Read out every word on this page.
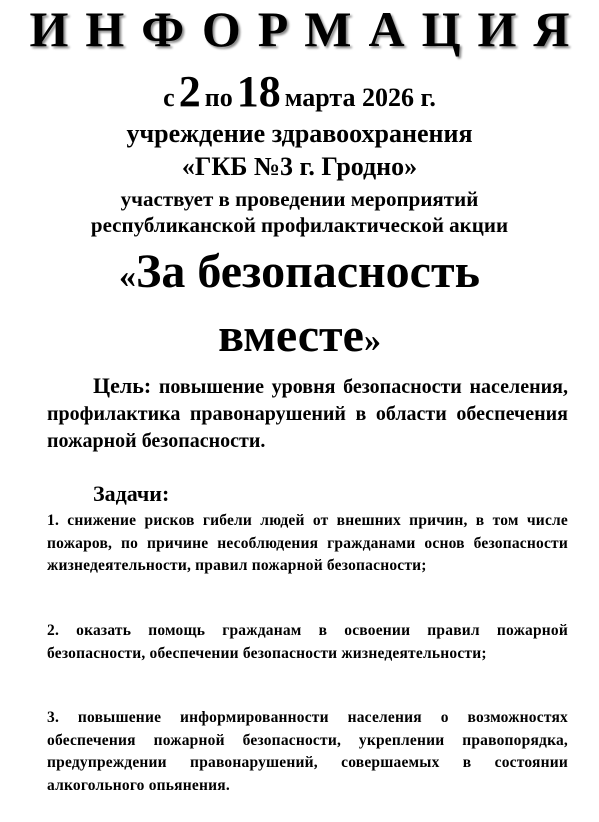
ИНФОРМАЦИЯ
с 2 по 18 марта 2026 г.
учреждение здравоохранения
«ГКБ №3 г. Гродно»
участвует в проведении мероприятий
республиканской профилактической акции
«За безопасность
вместе»
Цель: повышение уровня безопасности населения, профилактика правонарушений в области обеспечения пожарной безопасности.
Задачи:
1. снижение рисков гибели людей от внешних причин, в том числе пожаров, по причине несоблюдения гражданами основ безопасности жизнедеятельности, правил пожарной безопасности;
2. оказать помощь гражданам в освоении правил пожарной безопасности, обеспечении безопасности жизнедеятельности;
3. повышение информированности населения о возможностях обеспечения пожарной безопасности, укреплении правопорядка, предупреждении правонарушений, совершаемых в состоянии алкогольного опьянения.
